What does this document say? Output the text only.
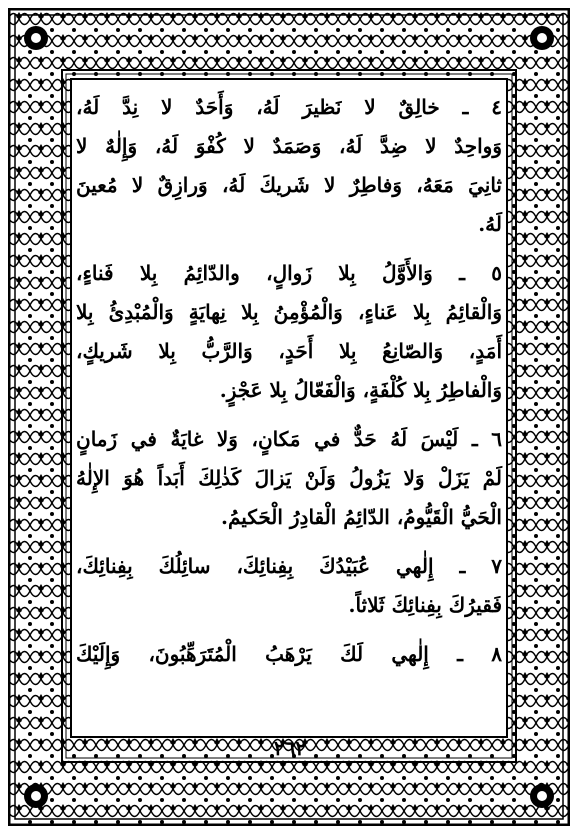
٤ ـ خالِقٌ لا نَظيرَ لَهُ، وَأَحَدٌ لا نِدَّ لَهُ،
وَواحِدٌ لا ضِدَّ لَهُ، وَصَمَدٌ لا كُفْوَ لَهُ، وَإِلٰهٌ لا
ثانِيَ مَعَهُ، وَفاطِرٌ لا شَريكَ لَهُ، وَرازِقٌ لا مُعينَ
لَهُ.
٥ ـ وَالأَوَّلُ بِلا زَوالٍ، والدّائِمُ بِلا فَناءٍ،
وَالْقائِمُ بِلا عَناءٍ، وَالْمُؤْمِنُ بِلا نِهايَةٍ وَالْمُبْدِئُ بِلا
أَمَدٍ، وَالصّانِعُ بِلا أَحَدٍ، وَالرَّبُّ بِلا شَريكٍ،
وَالْفاطِرُ بِلا كُلْفَةٍ، وَالْفَعّالُ بِلا عَجْزٍ.
٦ ـ لَيْسَ لَهُ حَدٌّ في مَكانٍ، وَلا غايَةٌ في زَمانٍ
لَمْ يَزَلْ وَلا يَزُولُ وَلَنْ يَزالَ كَذٰلِكَ أَبَداً هُوَ الإِلٰهُ
الْحَيُّ الْقَيُّومُ، الدّائِمُ الْقادِرُ الْحَكيمُ.
٧ ـ إِلٰهي عُبَيْدُكَ بِفِنائِكَ، سائِلُكَ بِفِنائِكَ،
فَقيرُكَ بِفِنائِكَ ثَلاثاً.
٨ ـ إِلٰهي لَكَ يَرْهَبُ الْمُتَرَهِّبُونَ، وَإِلَيْكَ
٢٦٢
